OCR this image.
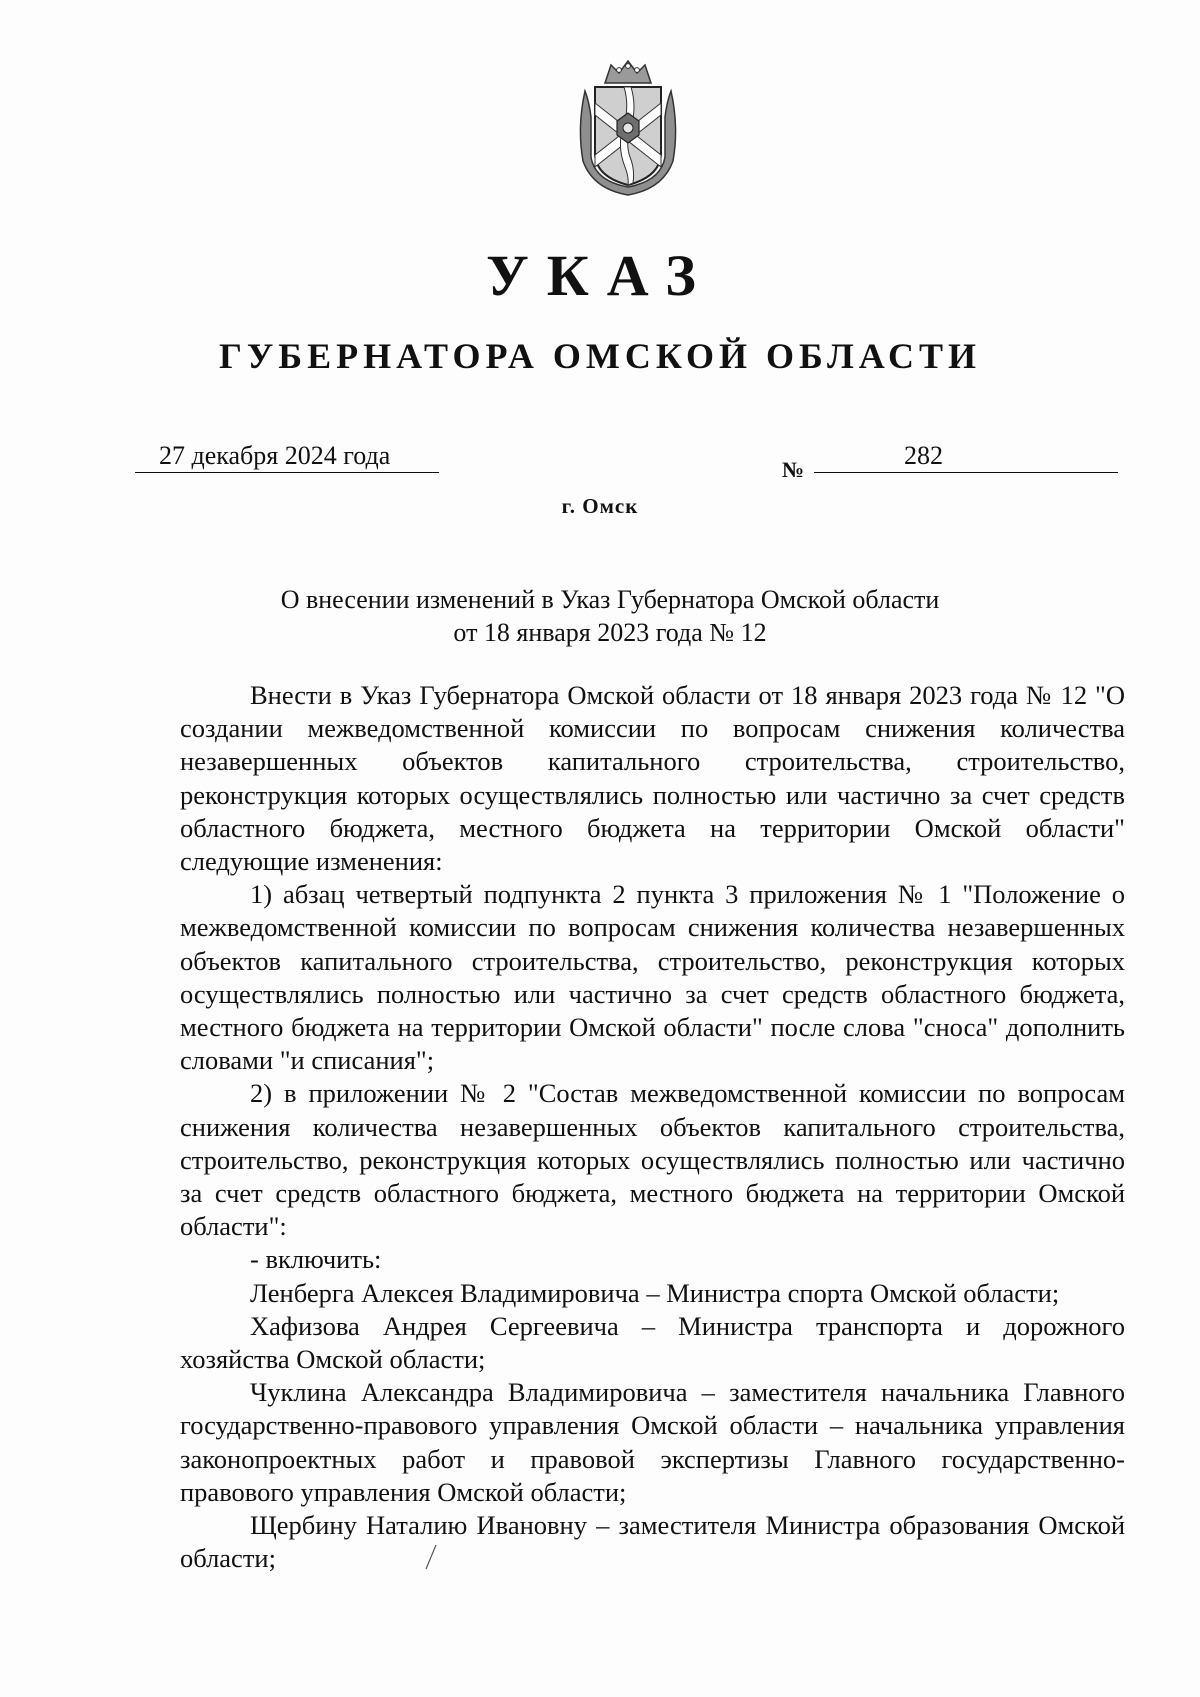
УКАЗ
ГУБЕРНАТОРА ОМСКОЙ ОБЛАСТИ
27 декабря 2024 года	№	282
г. Омск
О внесении изменений в Указ Губернатора Омской области
от 18 января 2023 года № 12

Внести в Указ Губернатора Омской области от 18 января 2023 года № 12 "О создании межведомственной комиссии по вопросам снижения количества незавершенных объектов капитального строительства, строительство, реконструкция которых осуществлялись полностью или частично за счет средств областного бюджета, местного бюджета на территории Омской области" следующие изменения:

1) абзац четвертый подпункта 2 пункта 3 приложения № 1 "Положение о межведомственной комиссии по вопросам снижения количества незавершенных объектов капитального строительства, строительство, реконструкция которых осуществлялись полностью или частично за счет средств областного бюджета, местного бюджета на территории Омской области" после слова "сноса" дополнить словами "и списания";

2) в приложении № 2 "Состав межведомственной комиссии по вопросам снижения количества незавершенных объектов капитального строительства, строительство, реконструкция которых осуществлялись полностью или частично за счет средств областного бюджета, местного бюджета на территории Омской области":

- включить:

Ленберга Алексея Владимировича – Министра спорта Омской области;

Хафизова Андрея Сергеевича – Министра транспорта и дорожного хозяйства Омской области;

Чуклина Александра Владимировича – заместителя начальника Главного государственно-правового управления Омской области – начальника управления законопроектных работ и правовой экспертизы Главного государственно-правового управления Омской области;

Щербину Наталию Ивановну – заместителя Министра образования Омской области;
